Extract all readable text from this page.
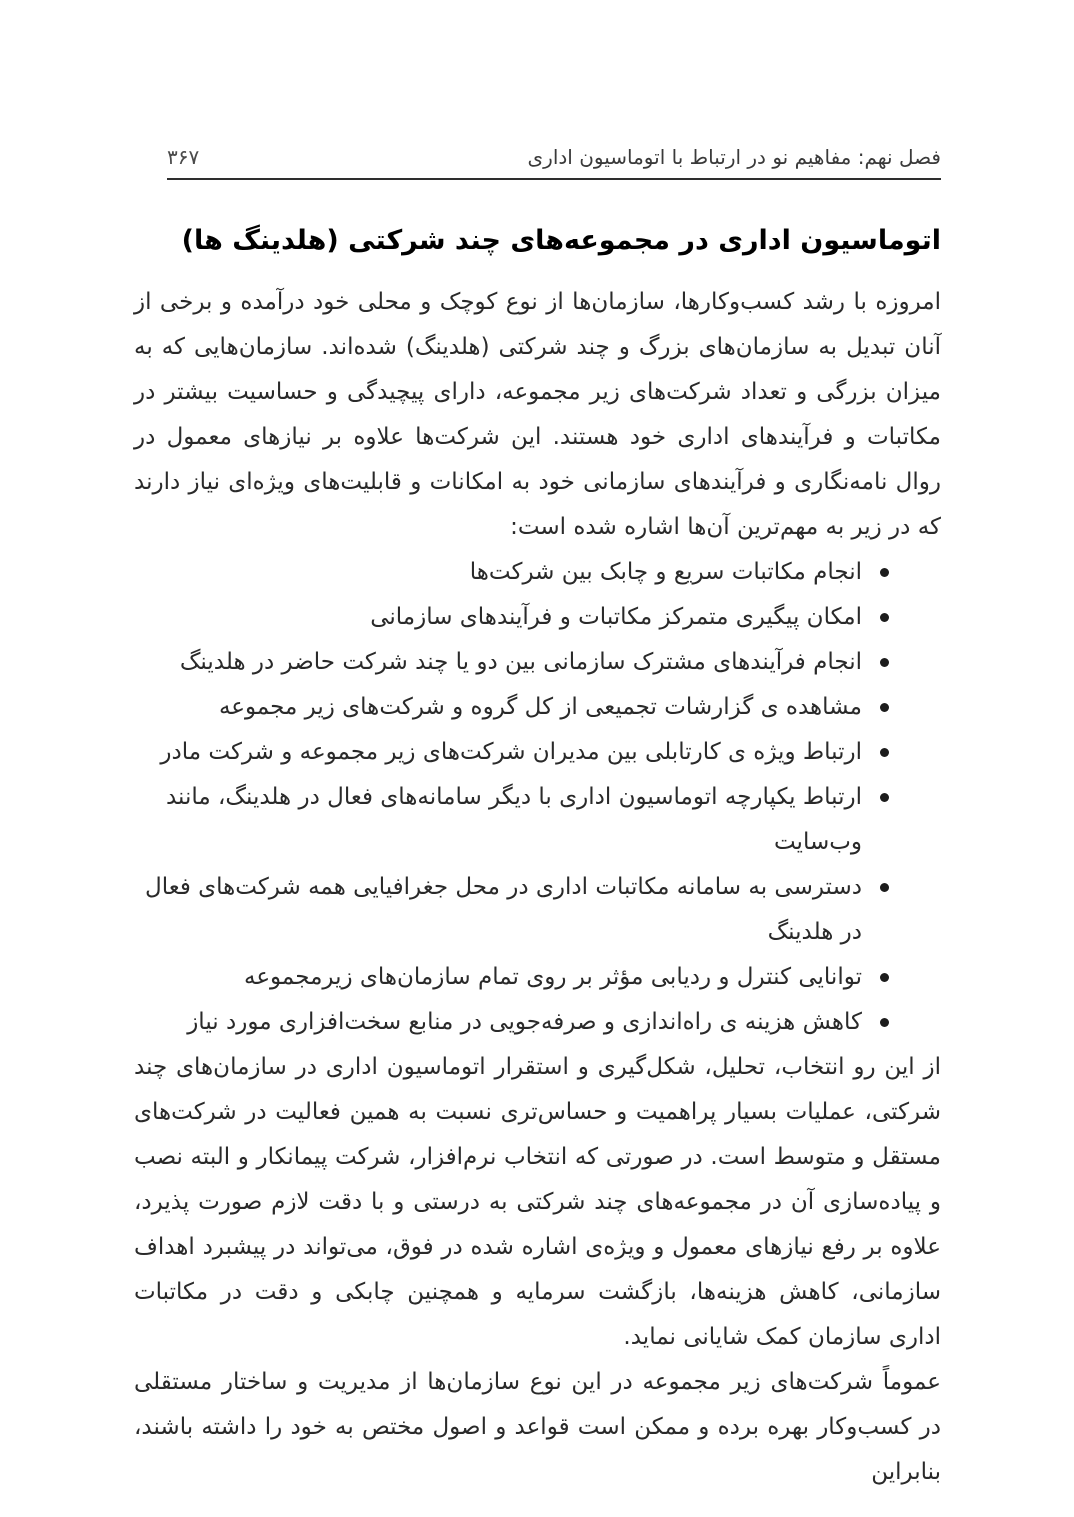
فصل نهم: مفاهیم نو در ارتباط با اتوماسیون اداری
۳۶۷
اتوماسیون اداری در مجموعه‌های چند شرکتی (هلدینگ ها)

امروزه با رشد کسب‌وکارها، سازمان‌ها از نوع کوچک و محلی خود درآمده و برخی از آنان تبدیل به سازمان‌های بزرگ و چند شرکتی (هلدینگ) شده‌اند. سازمان‌هایی که به میزان بزرگی و تعداد شرکت‌های زیر مجموعه، دارای پیچیدگی و حساسیت بیشتر در مکاتبات و فرآیندهای اداری خود هستند. این شرکت‌ها علاوه بر نیازهای معمول در روال نامه‌نگاری و فرآیندهای سازمانی خود به امکانات و قابلیت‌های ویژه‌ای نیاز دارند که در زیر به مهم‌ترین آن‌ها اشاره شده است:

انجام مکاتبات سریع و چابک بین شرکت‌ها
امکان پیگیری متمرکز مکاتبات و فرآیندهای سازمانی
انجام فرآیندهای مشترک سازمانی بین دو یا چند شرکت حاضر در هلدینگ
مشاهده ی گزارشات تجمیعی از کل گروه و شرکت‌های زیر مجموعه
ارتباط ویژه ی کارتابلی بین مدیران شرکت‌های زیر مجموعه و شرکت مادر
ارتباط یکپارچه اتوماسیون اداری با دیگر سامانه‌های فعال در هلدینگ، مانند وب‌سایت
دسترسی به سامانه مکاتبات اداری در محل جغرافیایی همه شرکت‌های فعال در هلدینگ
توانایی کنترل و ردیابی مؤثر بر روی تمام سازمان‌های زیرمجموعه
کاهش هزینه ی راه‌اندازی و صرفه‌جویی در منابع سخت‌افزاری مورد نیاز

از این رو انتخاب، تحلیل، شکل‌گیری و استقرار اتوماسیون اداری در سازمان‌های چند شرکتی، عملیات بسیار پراهمیت و حساس‌تری نسبت به همین فعالیت در شرکت‌های مستقل و متوسط است. در صورتی که انتخاب نرم‌افزار، شرکت پیمانکار و البته نصب و پیاده‌سازی آن در مجموعه‌های چند شرکتی به درستی و با دقت لازم صورت پذیرد، علاوه بر رفع نیازهای معمول و ویژه‌ی اشاره شده در فوق، می‌تواند در پیشبرد اهداف سازمانی، کاهش هزینه‌ها، بازگشت سرمایه و همچنین چابکی و دقت در مکاتبات اداری سازمان کمک شایانی نماید.

عموماً شرکت‌های زیر مجموعه در این نوع سازمان‌ها از مدیریت و ساختار مستقلی در کسب‌وکار بهره برده و ممکن است قواعد و اصول مختص به خود را داشته باشند، بنابراین
